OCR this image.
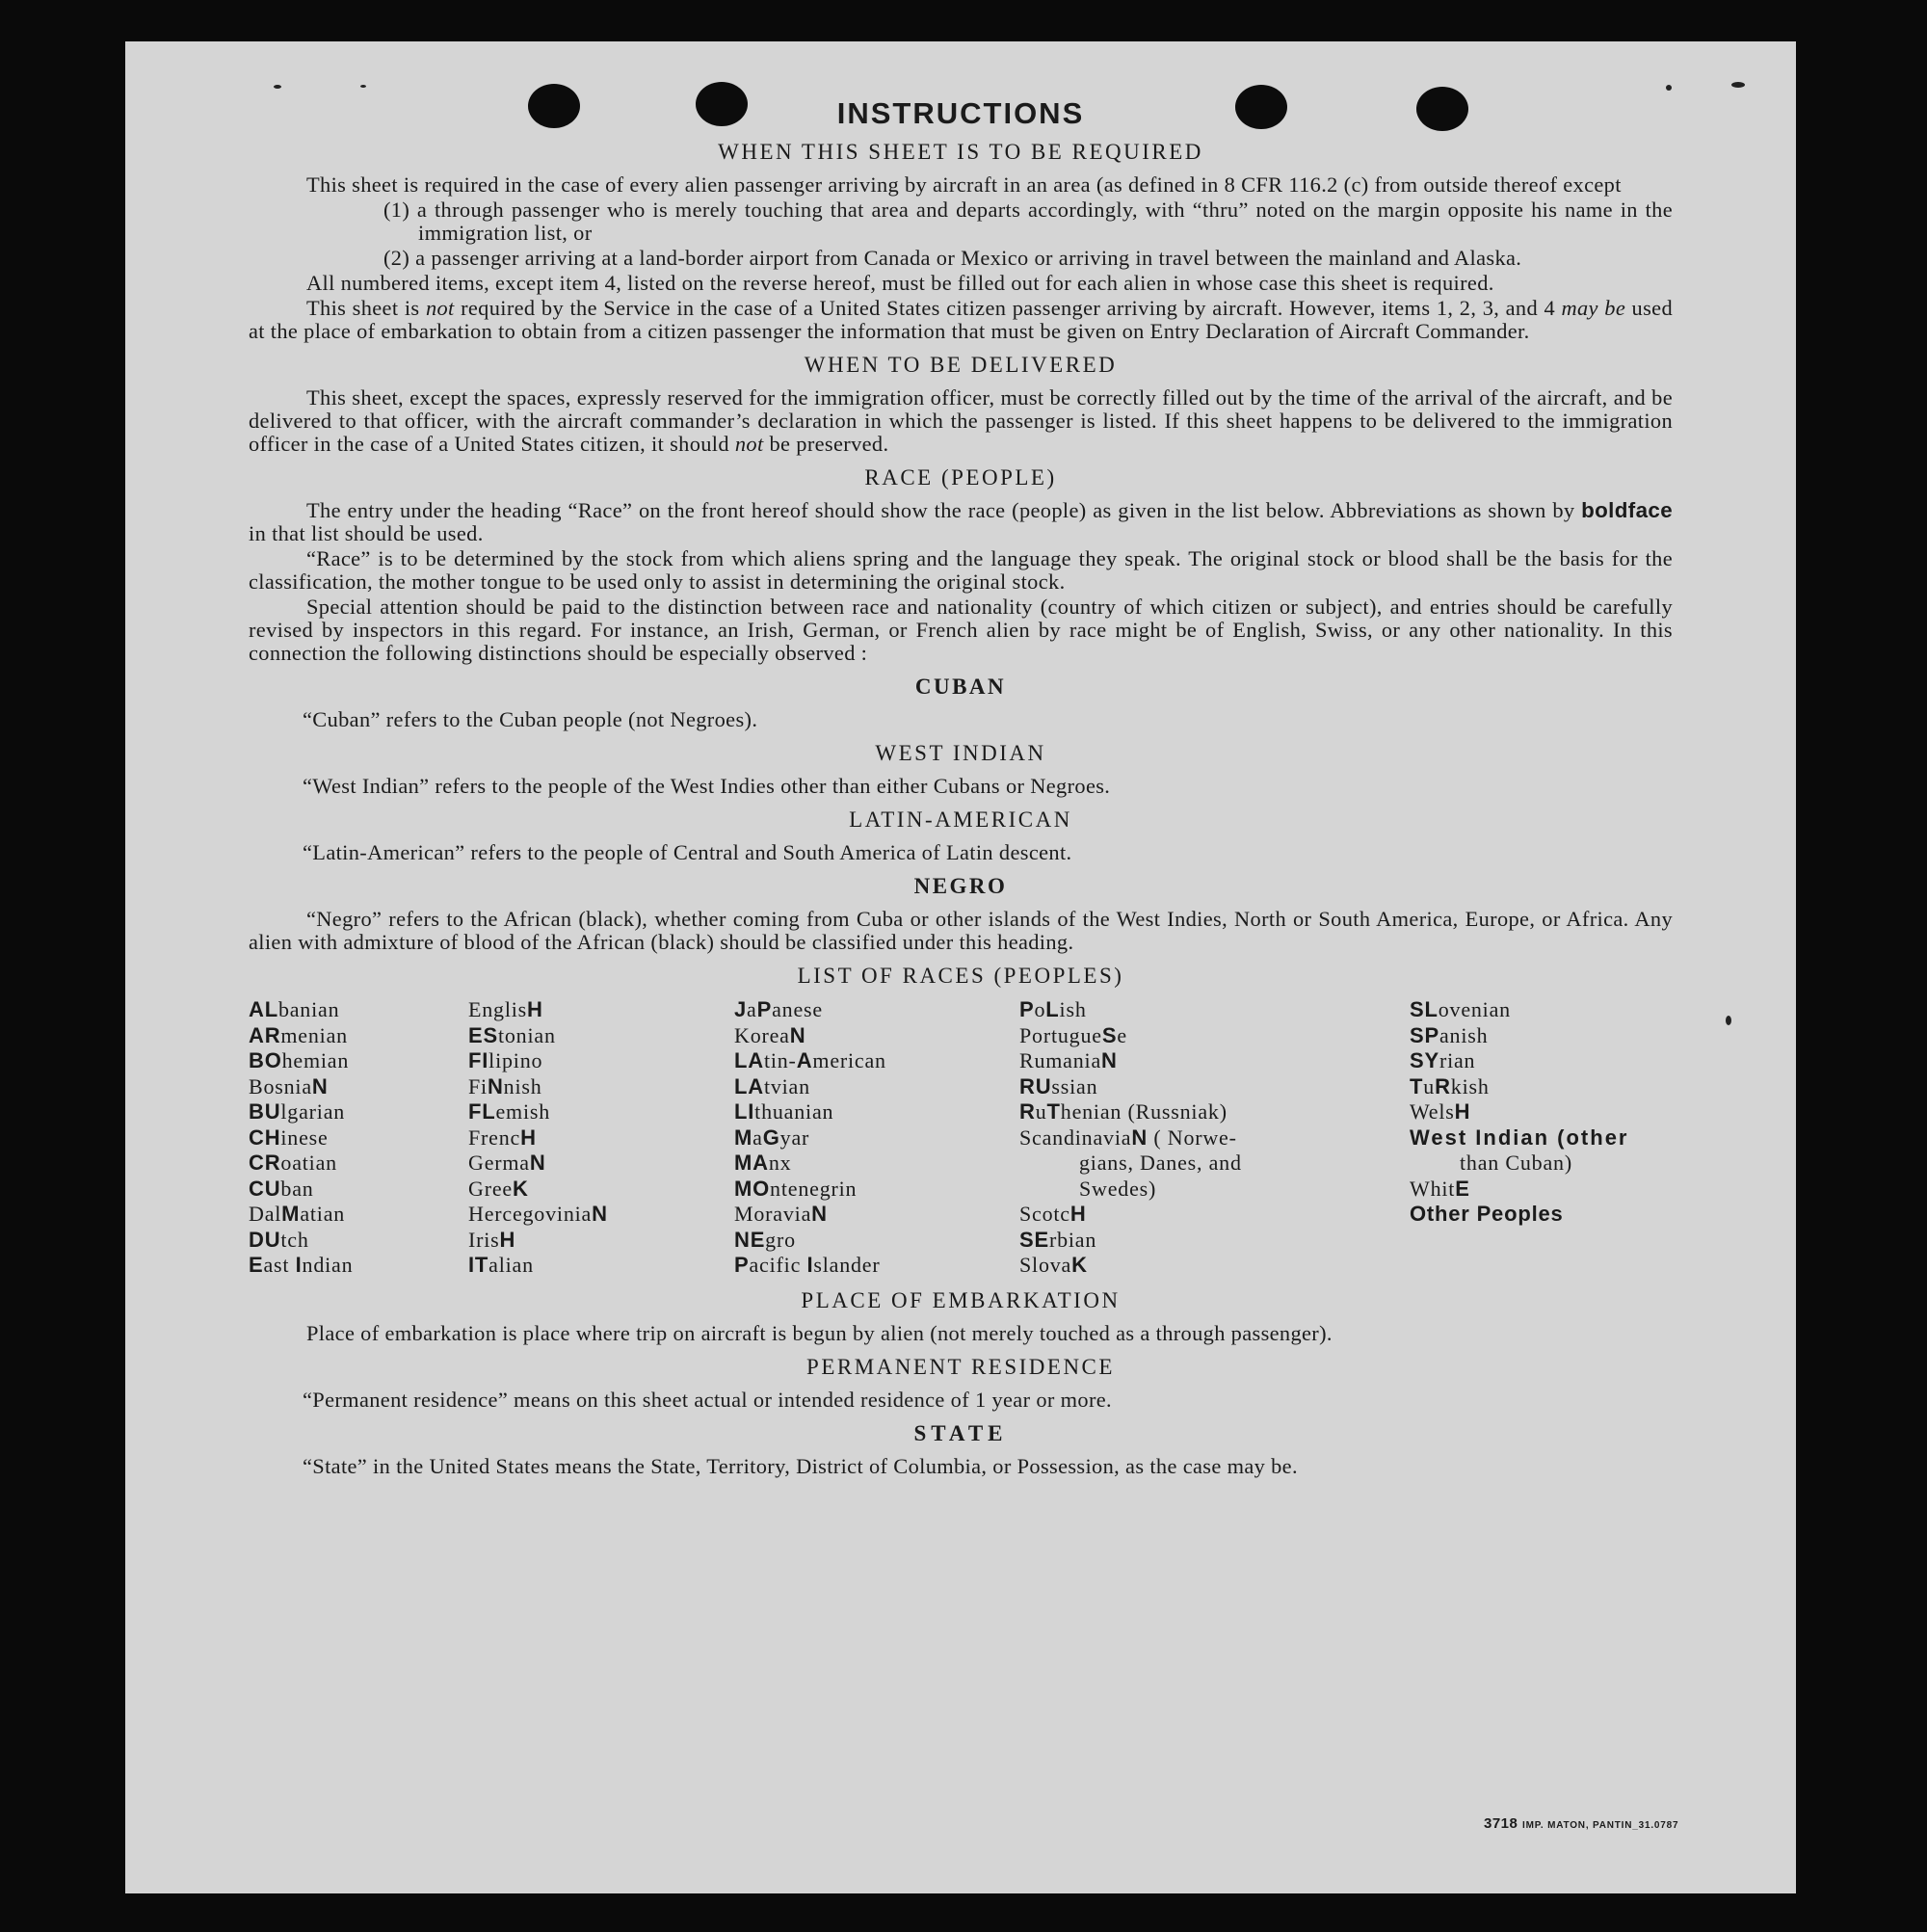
INSTRUCTIONS
WHEN THIS SHEET IS TO BE REQUIRED
This sheet is required in the case of every alien passenger arriving by aircraft in an area (as defined in 8 CFR 116.2 (c) from outside thereof except
(1) a through passenger who is merely touching that area and departs accordingly, with “thru” noted on the margin opposite his name in the immigration list, or
(2) a passenger arriving at a land-border airport from Canada or Mexico or arriving in travel between the mainland and Alaska.
All numbered items, except item 4, listed on the reverse hereof, must be filled out for each alien in whose case this sheet is required.
This sheet is not required by the Service in the case of a United States citizen passenger arriving by aircraft. However, items 1, 2, 3, and 4 may be used at the place of embarkation to obtain from a citizen passenger the information that must be given on Entry Declaration of Aircraft Commander.
WHEN TO BE DELIVERED
This sheet, except the spaces, expressly reserved for the immigration officer, must be correctly filled out by the time of the arrival of the aircraft, and be delivered to that officer, with the aircraft commander’s declaration in which the passenger is listed. If this sheet happens to be delivered to the immigration officer in the case of a United States citizen, it should not be preserved.
RACE (PEOPLE)
The entry under the heading “Race” on the front hereof should show the race (people) as given in the list below. Abbreviations as shown by boldface in that list should be used.
“Race” is to be determined by the stock from which aliens spring and the language they speak. The original stock or blood shall be the basis for the classification, the mother tongue to be used only to assist in determining the original stock.
Special attention should be paid to the distinction between race and nationality (country of which citizen or subject), and entries should be carefully revised by inspectors in this regard. For instance, an Irish, German, or French alien by race might be of English, Swiss, or any other nationality. In this connection the following distinctions should be especially observed :
CUBAN
“Cuban” refers to the Cuban people (not Negroes).
WEST INDIAN
“West Indian” refers to the people of the West Indies other than either Cubans or Negroes.
LATIN-AMERICAN
“Latin-American” refers to the people of Central and South America of Latin descent.
NEGRO
“Negro” refers to the African (black), whether coming from Cuba or other islands of the West Indies, North or South America, Europe, or Africa. Any alien with admixture of blood of the African (black) should be classified under this heading.
LIST OF RACES (PEOPLES)
ALbanian
ARmenian
BOhemian
BosniaN
BUlgarian
CHinese
CRoatian
CUban
DalMatian
DUtch
East Indian
EnglisH
EStonian
FIlipino
FiNnish
FLemish
FrencH
GermaN
GreeK
HercegoviniaN
IrisH
ITalian
JaPanese
KoreaN
LAtin-American
LAtvian
LIthuanian
MaGyar
MAnx
MOntenegrin
MoraviaN
NEgro
Pacific Islander
PoLish
PortugueSe
RumaniaN
RUssian
RuThenian (Russniak)
ScandinaviaN ( Norwe-
gians, Danes, and
Swedes)
ScotcH
SErbian
SlovaK
SLovenian
SPanish
SYrian
TuRkish
WelsH
West Indian (other
than Cuban)
WhitE
Other Peoples
PLACE OF EMBARKATION
Place of embarkation is place where trip on aircraft is begun by alien (not merely touched as a through passenger).
PERMANENT RESIDENCE
“Permanent residence” means on this sheet actual or intended residence of 1 year or more.
STATE
“State” in the United States means the State, Territory, District of Columbia, or Possession, as the case may be.
3718 IMP. MATON, PANTIN_31.0787
